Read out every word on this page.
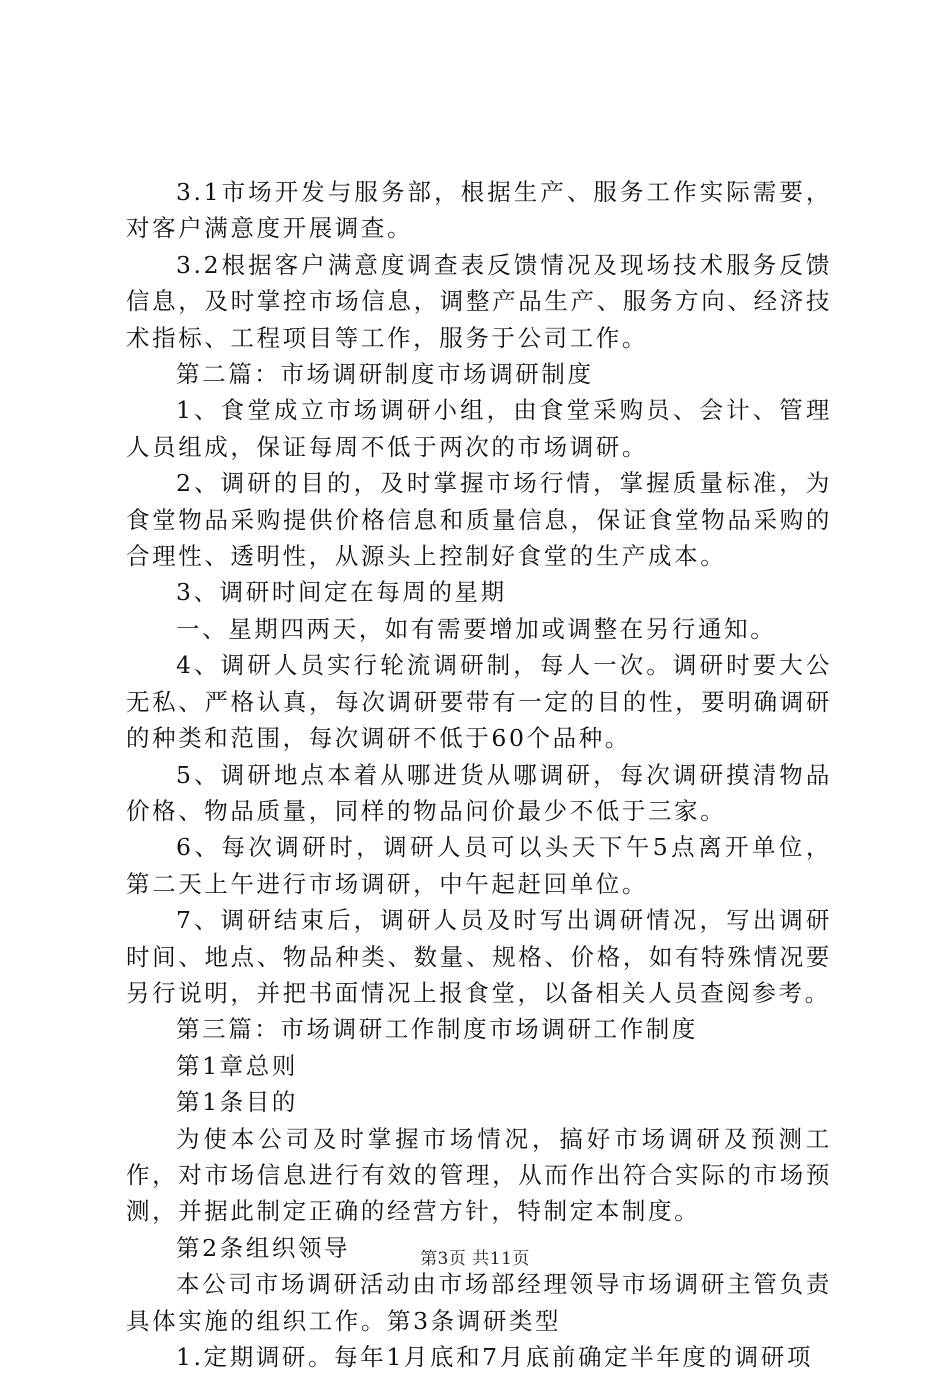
3.1市场开发与服务部，根据生产、服务工作实际需要，对客户满意度开展调查。

3.2根据客户满意度调查表反馈情况及现场技术服务反馈信息，及时掌控市场信息，调整产品生产、服务方向、经济技术指标、工程项目等工作，服务于公司工作。

第二篇：市场调研制度市场调研制度

1、食堂成立市场调研小组，由食堂采购员、会计、管理人员组成，保证每周不低于两次的市场调研。

2、调研的目的，及时掌握市场行情，掌握质量标准，为食堂物品采购提供价格信息和质量信息，保证食堂物品采购的合理性、透明性，从源头上控制好食堂的生产成本。

3、调研时间定在每周的星期

一、星期四两天，如有需要增加或调整在另行通知。

4、调研人员实行轮流调研制，每人一次。调研时要大公无私、严格认真，每次调研要带有一定的目的性，要明确调研的种类和范围，每次调研不低于60个品种。

5、调研地点本着从哪进货从哪调研，每次调研摸清物品价格、物品质量，同样的物品问价最少不低于三家。

6、每次调研时，调研人员可以头天下午5点离开单位，第二天上午进行市场调研，中午起赶回单位。

7、调研结束后，调研人员及时写出调研情况，写出调研时间、地点、物品种类、数量、规格、价格，如有特殊情况要另行说明，并把书面情况上报食堂，以备相关人员查阅参考。

第三篇：市场调研工作制度市场调研工作制度

第1章总则

第1条目的

为使本公司及时掌握市场情况，搞好市场调研及预测工作，对市场信息进行有效的管理，从而作出符合实际的市场预测，并据此制定正确的经营方针，特制定本制度。

第2条组织领导

本公司市场调研活动由市场部经理领导市场调研主管负责具体实施的组织工作。第3条调研类型

1.定期调研。每年1月底和7月底前确定半年度的调研项

第3页 共11页
